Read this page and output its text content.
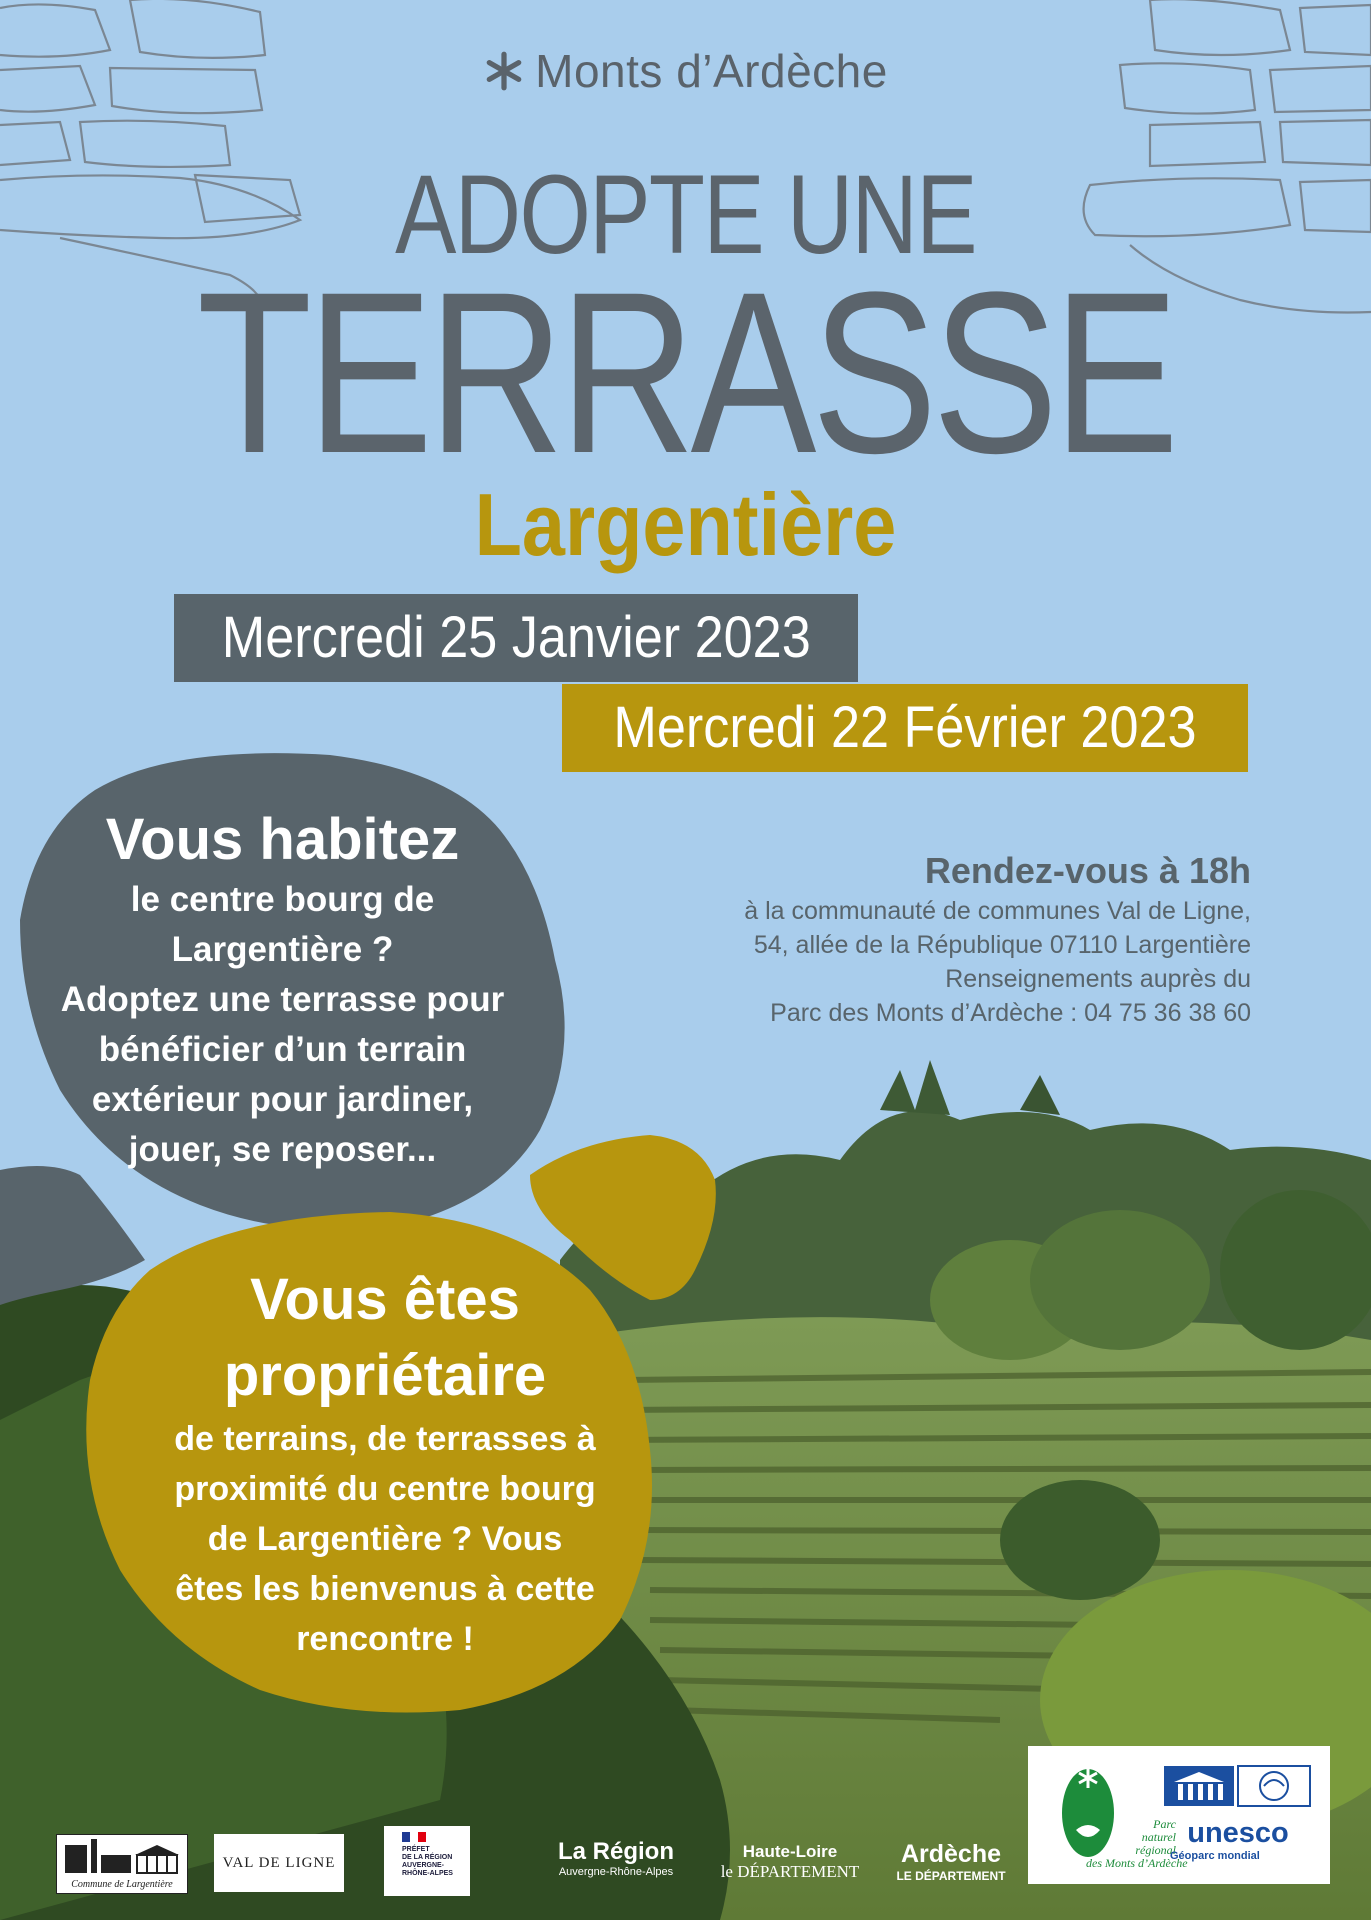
Monts d’Ardèche
ADOPTE UNE
TERRASSE
Largentière
Mercredi 25 Janvier 2023
Mercredi 22 Février 2023
Rendez-vous à 18h
à la communauté de communes Val de Ligne,
54, allée de la République 07110 Largentière
Renseignements auprès du
Parc des Monts d’Ardèche : 04 75 36 38 60
Vous habitez
le centre bourg de
Largentière ?
Adoptez une terrasse pour
bénéficier d’un terrain
extérieur pour jardiner,
jouer, se reposer...
Vous êtes
propriétaire
de terrains, de terrasses à
proximité du centre bourg
de Largentière ? Vous
êtes les bienvenus à cette
rencontre !
Commune de Largentière
VAL DE LIGNE
PRÉFET
DE LA RÉGION
AUVERGNE-
RHÔNE-ALPES
La Région
Auvergne-Rhône-Alpes
Haute-Loire
le DÉPARTEMENT
Ardèche
LE DÉPARTEMENT
Parc
naturel
régional
des Monts d’Ardèche
unesco
Géoparc mondial
